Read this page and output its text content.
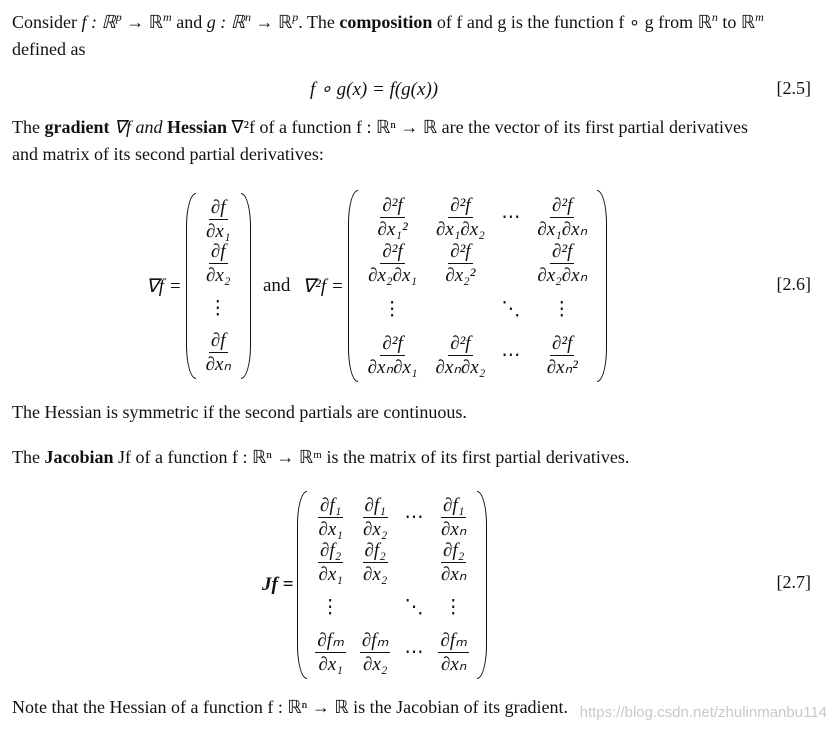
Consider f : ℝ$^p$ → ℝ$^m$ and g : ℝ$^n$ → ℝ$^p$. The composition of f and g is the function f ∘ g from ℝ$^n$ to ℝ$^m$
defined as

f ∘ g(x) = f(g(x))	[2.5]

The gradient ∇f and Hessian ∇²f of a function f : ℝⁿ → ℝ are the vector of its first partial derivatives
and matrix of its second partial derivatives:

∇f =
$\frac{\partial f}{\text{∂x₁}}$
$\frac{\partial f}{\text{∂x₂}}$
⋮
$\frac{\partial f}{\text{∂xₙ}}$
and ∇²f =
$\frac{\text{∂²f}}{\text{∂x₁²}} \frac{\text{∂²f}}{\text{∂x₁∂x₂}}$ ⋯ $\frac{\text{∂²f}}{\text{∂x₁∂xₙ}}$
$\frac{\text{∂²f}}{\text{∂x₂∂x₁}} \frac{\text{∂²f}}{\text{∂x₂²}}$	$\frac{\text{∂²f}}{\text{∂x₂∂xₙ}}$
⋮	⋱ ⋮
$\frac{\text{∂²f}}{\text{∂xₙ∂x₁}} \frac{\text{∂²f}}{\text{∂xₙ∂x₂}}$ ⋯ $\frac{\text{∂²f}}{\text{∂xₙ²}}$
[2.6]

The Hessian is symmetric if the second partials are continuous.

The Jacobian Jf of a function f : ℝⁿ → ℝᵐ is the matrix of its first partial derivatives.

Jf =
$\frac{\text{∂f₁}}{\text{∂x₁}} \frac{\text{∂f₁}}{\text{∂x₂}}$ ⋯ $\frac{\text{∂f₁}}{\text{∂xₙ}}$
$\frac{\text{∂f₂}}{\text{∂x₁}} \frac{\text{∂f₂}}{\text{∂x₂}}$	$\frac{\text{∂f₂}}{\text{∂xₙ}}$
⋮	⋱ ⋮
$\frac{\text{∂fₘ}}{\text{∂x₁}} \frac{\text{∂fₘ}}{\text{∂x₂}}$ ⋯ $\frac{\text{∂fₘ}}{\text{∂xₙ}}$
[2.7]

Note that the Hessian of a function f : ℝⁿ → ℝ is the Jacobian of its gradient. https://blog.csdn.net/zhulinmanbu114
